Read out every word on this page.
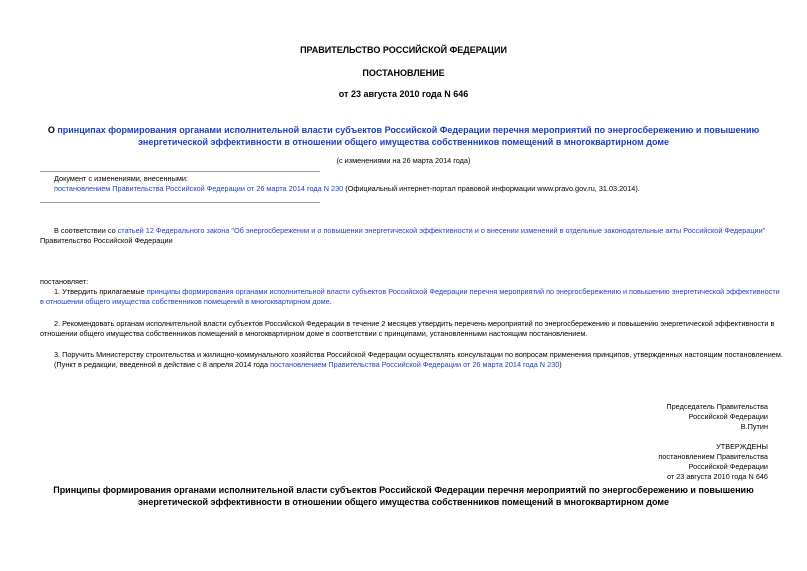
ПРАВИТЕЛЬСТВО РОССИЙСКОЙ ФЕДЕРАЦИИ
ПОСТАНОВЛЕНИЕ
от 23 августа 2010 года N 646
О принципах формирования органами исполнительной власти субъектов Российской Федерации перечня мероприятий по энергосбережению и повышению
энергетической эффективности в отношении общего имущества собственников помещений в многоквартирном доме
(с изменениями на 26 марта 2014 года)
Документ с изменениями, внесенными:
постановлением Правительства Российской Федерации от 26 марта 2014 года N 230 (Официальный интернет-портал правовой информации www.pravo.gov.ru, 31.03.2014).
В соответствии со статьей 12 Федерального закона "Об энергосбережении и о повышении энергетической эффективности и о внесении изменений в отдельные законодательные акты Российской Федерации"
Правительство Российской Федерации
постановляет:
1. Утвердить прилагаемые принципы формирования органами исполнительной власти субъектов Российской Федерации перечня мероприятий по энергосбережению и повышению энергетической эффективности
в отношении общего имущества собственников помещений в многоквартирном доме.
2. Рекомендовать органам исполнительной власти субъектов Российской Федерации в течение 2 месяцев утвердить перечень мероприятий по энергосбережению и повышению энергетической эффективности в
отношении общего имущества собственников помещений в многоквартирном доме в соответствии с принципами, установленными настоящим постановлением.
3. Поручить Министерству строительства и жилищно-коммунального хозяйства Российской Федерации осуществлять консультации по вопросам применения принципов, утвержденных настоящим постановлением.
(Пункт в редакции, введенной в действие с 8 апреля 2014 года постановлением Правительства Российской Федерации от 26 марта 2014 года N 230)
Председатель Правительства
Российской Федерации
В.Путин
УТВЕРЖДЕНЫ
постановлением Правительства
Российской Федерации
от 23 августа 2010 года N 646
Принципы формирования органами исполнительной власти субъектов Российской Федерации перечня мероприятий по энергосбережению и повышению
энергетической эффективности в отношении общего имущества собственников помещений в многоквартирном доме
